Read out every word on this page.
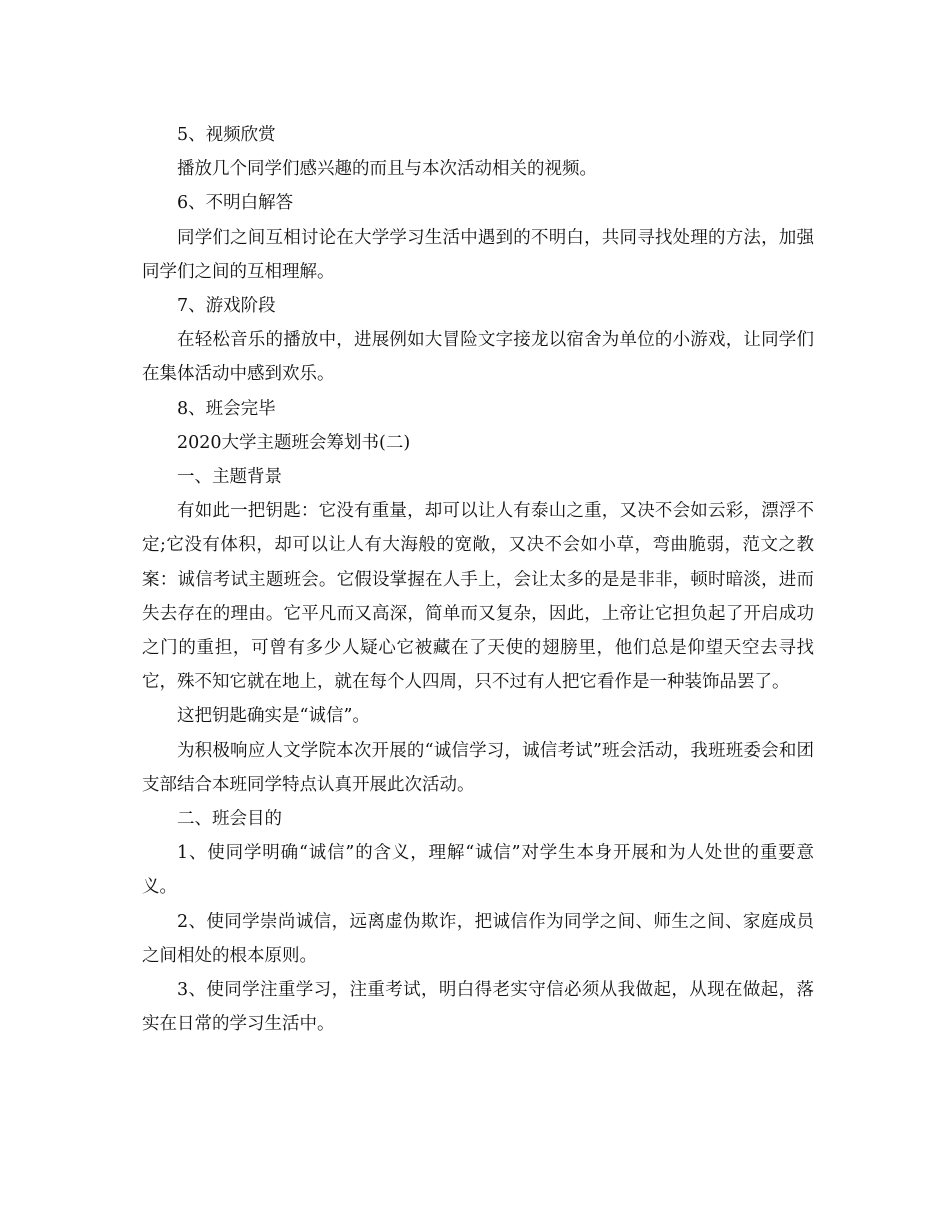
5、视频欣赏

播放几个同学们感兴趣的而且与本次活动相关的视频。

6、不明白解答

同学们之间互相讨论在大学学习生活中遇到的不明白，共同寻找处理的方法，加强同学们之间的互相理解。

7、游戏阶段

在轻松音乐的播放中，进展例如大冒险文字接龙以宿舍为单位的小游戏，让同学们在集体活动中感到欢乐。

8、班会完毕

2020大学主题班会筹划书(二)

一、主题背景

有如此一把钥匙：它没有重量，却可以让人有泰山之重，又决不会如云彩，漂浮不定;它没有体积，却可以让人有大海般的宽敞，又决不会如小草，弯曲脆弱，范文之教案：诚信考试主题班会。它假设掌握在人手上，会让太多的是是非非，顿时暗淡，进而失去存在的理由。它平凡而又高深，简单而又复杂，因此，上帝让它担负起了开启成功之门的重担，可曾有多少人疑心它被藏在了天使的翅膀里，他们总是仰望天空去寻找它，殊不知它就在地上，就在每个人四周，只不过有人把它看作是一种装饰品罢了。

这把钥匙确实是“诚信”。

为积极响应人文学院本次开展的“诚信学习，诚信考试”班会活动，我班班委会和团支部结合本班同学特点认真开展此次活动。

二、班会目的

1、使同学明确“诚信”的含义，理解“诚信”对学生本身开展和为人处世的重要意义。

2、使同学崇尚诚信，远离虚伪欺诈，把诚信作为同学之间、师生之间、家庭成员之间相处的根本原则。

3、使同学注重学习，注重考试，明白得老实守信必须从我做起，从现在做起，落实在日常的学习生活中。
